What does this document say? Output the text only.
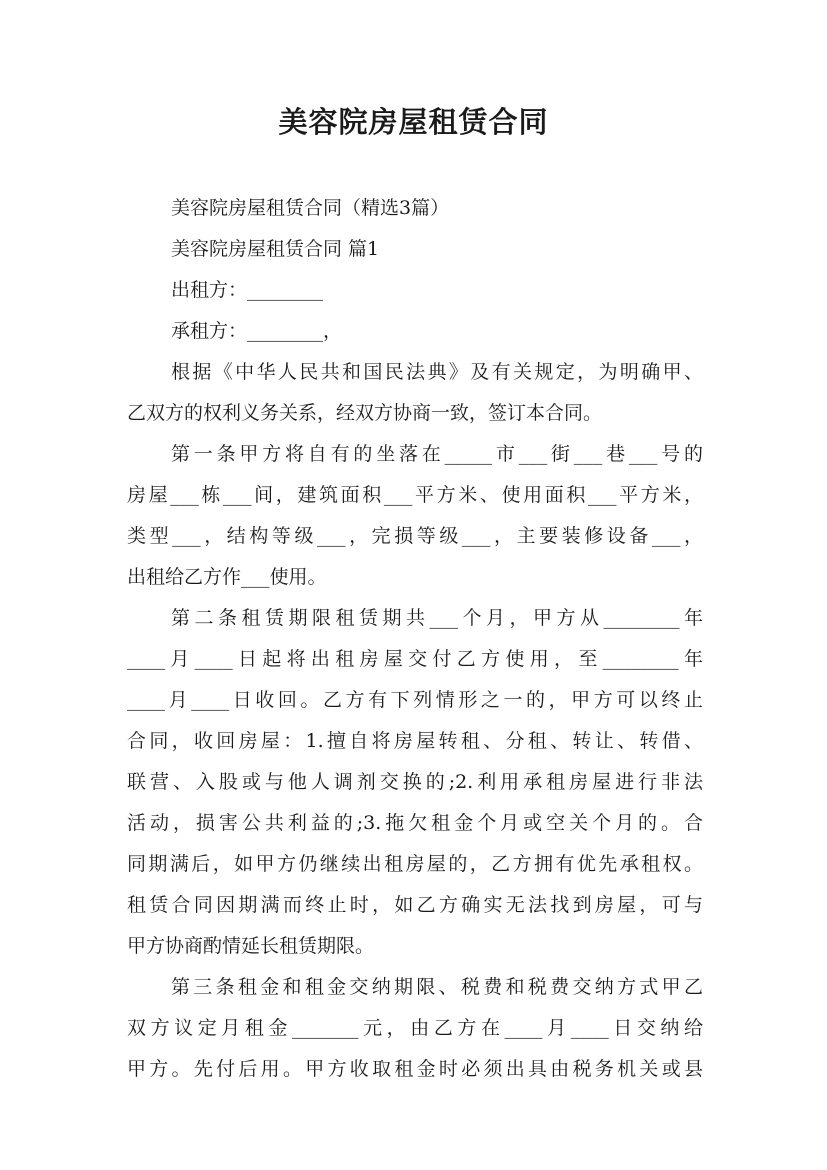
美容院房屋租赁合同
美容院房屋租赁合同（精选3篇）
美容院房屋租赁合同 篇1
出租方：________
承租方：________，
根据《中华人民共和国民法典》及有关规定，为明确甲、
乙双方的权利义务关系，经双方协商一致，签订本合同。
第一条甲方将自有的坐落在_____市___街___巷___号的
房屋___栋___间，建筑面积___平方米、使用面积___平方米，
类型___，结构等级___，完损等级___，主要装修设备___，
出租给乙方作___使用。
第二条租赁期限租赁期共___个月，甲方从________年
____月____日起将出租房屋交付乙方使用，至________年
____月____日收回。乙方有下列情形之一的，甲方可以终止
合同，收回房屋：1.擅自将房屋转租、分租、转让、转借、
联营、入股或与他人调剂交换的;2.利用承租房屋进行非法
活动，损害公共利益的;3.拖欠租金个月或空关个月的。合
同期满后，如甲方仍继续出租房屋的，乙方拥有优先承租权。
租赁合同因期满而终止时，如乙方确实无法找到房屋，可与
甲方协商酌情延长租赁期限。
第三条租金和租金交纳期限、税费和税费交纳方式甲乙
双方议定月租金_______元，由乙方在____月____日交纳给
甲方。先付后用。甲方收取租金时必须出具由税务机关或县
